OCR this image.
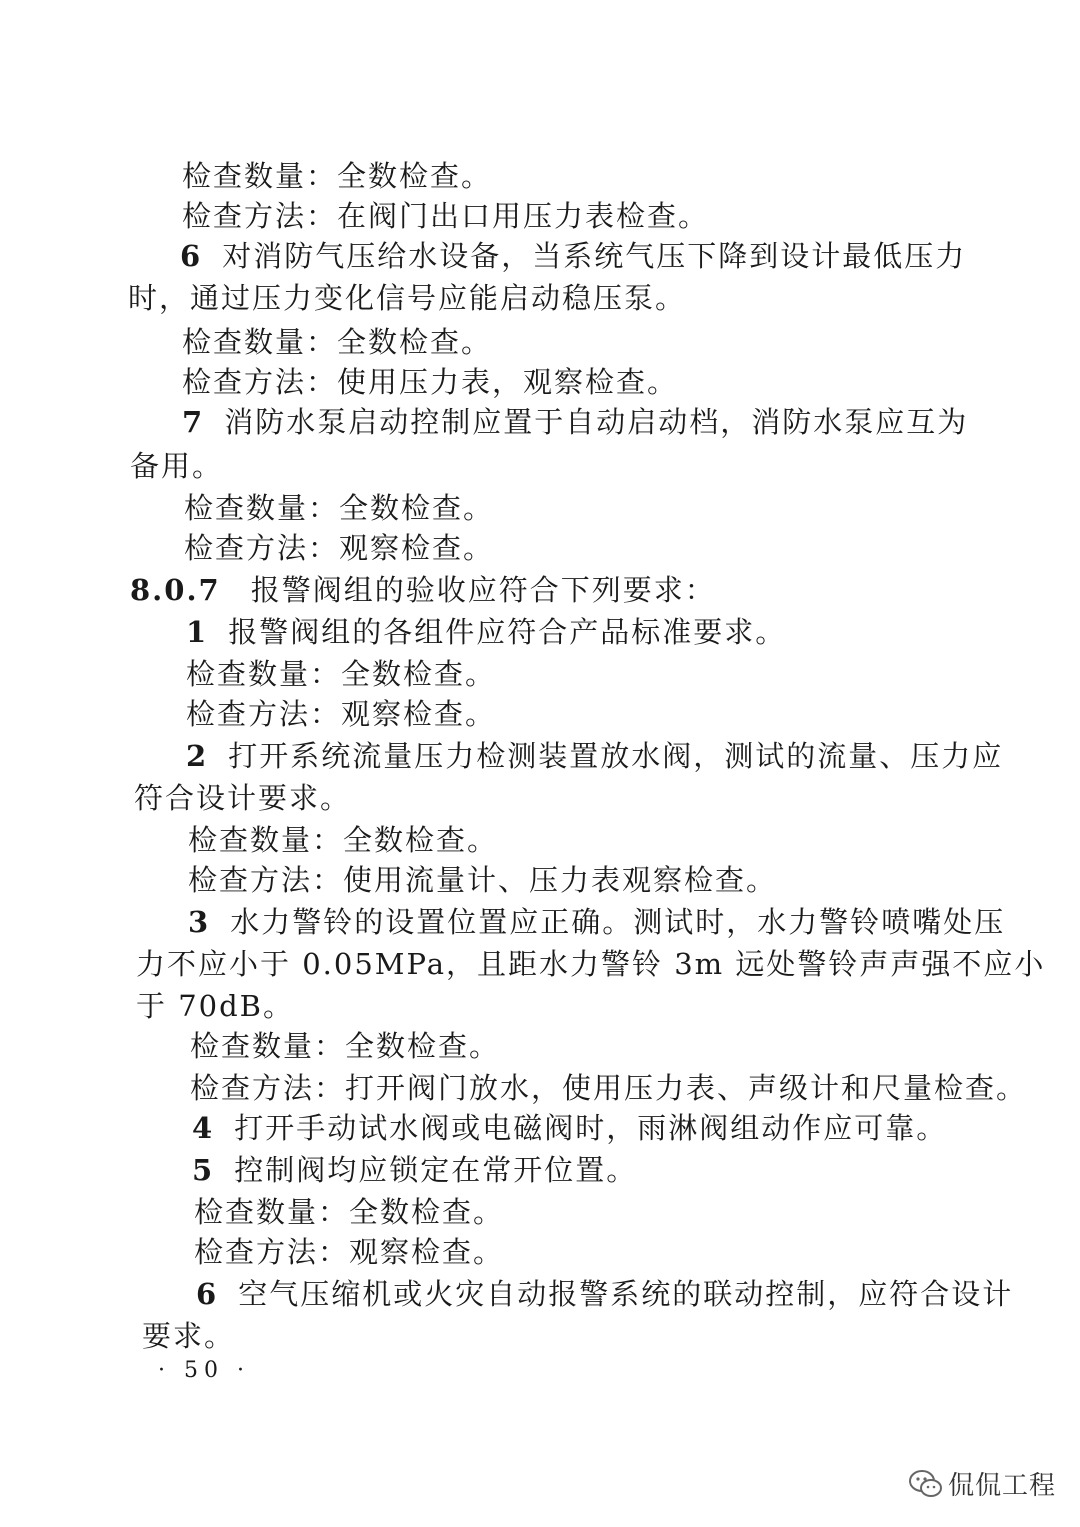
检查数量：全数检查。
检查方法：在阀门出口用压力表检查。
6 对消防气压给水设备，当系统气压下降到设计最低压力
时，通过压力变化信号应能启动稳压泵。
检查数量：全数检查。
检查方法：使用压力表，观察检查。
7 消防水泵启动控制应置于自动启动档，消防水泵应互为
备用。
检查数量：全数检查。
检查方法：观察检查。
8.0.7 报警阀组的验收应符合下列要求：
1 报警阀组的各组件应符合产品标准要求。
检查数量：全数检查。
检查方法：观察检查。
2 打开系统流量压力检测装置放水阀，测试的流量、压力应
符合设计要求。
检查数量：全数检查。
检查方法：使用流量计、压力表观察检查。
3 水力警铃的设置位置应正确。测试时，水力警铃喷嘴处压
力不应小于 0.05MPa，且距水力警铃 3m 远处警铃声声强不应小
于 70dB。
检查数量：全数检查。
检查方法：打开阀门放水，使用压力表、声级计和尺量检查。
4 打开手动试水阀或电磁阀时，雨淋阀组动作应可靠。
5 控制阀均应锁定在常开位置。
检查数量：全数检查。
检查方法：观察检查。
6 空气压缩机或火灾自动报警系统的联动控制，应符合设计
要求。
· 50 ·
侃侃工程
